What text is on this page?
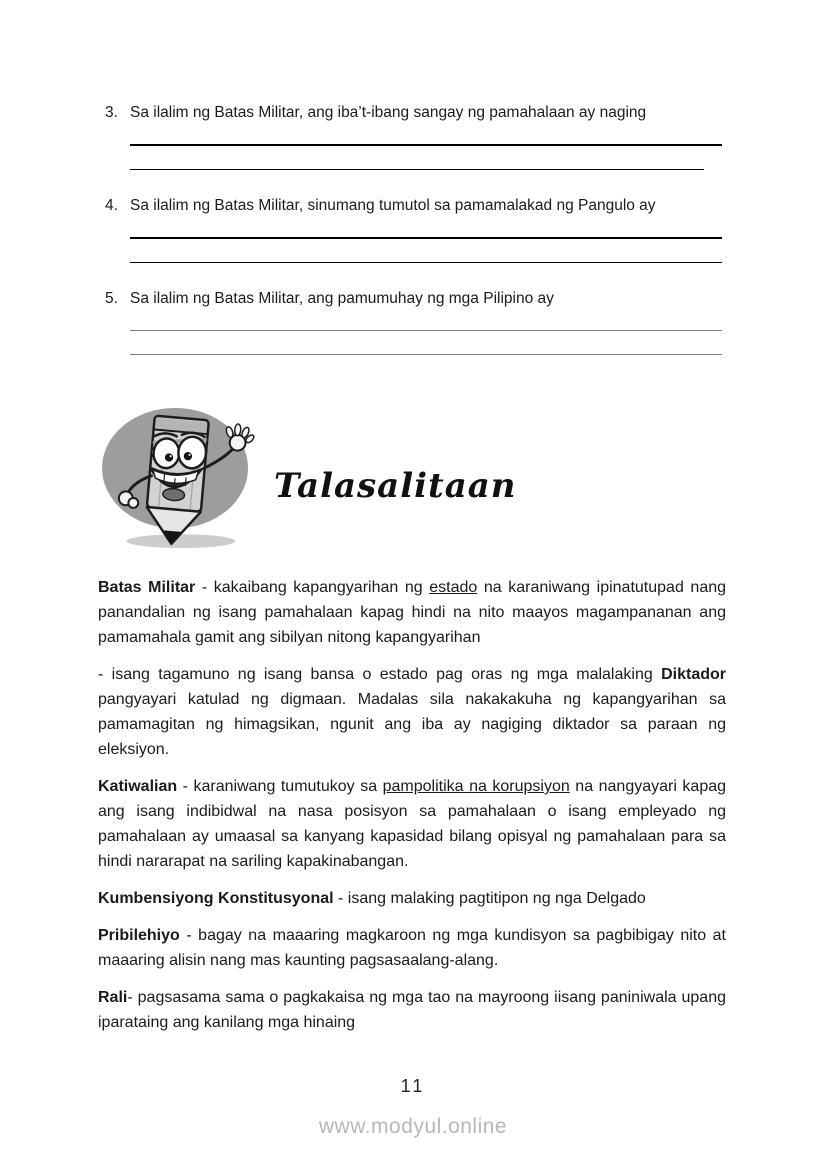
3. Sa ilalim ng Batas Militar, ang iba’t-ibang sangay ng pamahalaan ay naging
4. Sa ilalim ng Batas Militar, sinumang tumutol sa pamamalakad ng Pangulo ay
5. Sa ilalim ng Batas Militar, ang pamumuhay ng mga Pilipino ay
Talasalitaan

Batas Militar - kakaibang kapangyarihan ng estado na karaniwang ipinatutupad nang panandalian ng isang pamahalaan kapag hindi na nito maayos magampananan ang pamamahala gamit ang sibilyan nitong kapangyarihan

- isang tagamuno ng isang bansa o estado pag oras ng mga malalaking Diktador pangyayari katulad ng digmaan. Madalas sila nakakakuha ng kapangyarihan sa pamamagitan ng himagsikan, ngunit ang iba ay nagiging diktador sa paraan ng eleksiyon.

Katiwalian - karaniwang tumutukoy sa pampolitika na korupsiyon na nangyayari kapag ang isang indibidwal na nasa posisyon sa pamahalaan o isang empleyado ng pamahalaan ay umaasal sa kanyang kapasidad bilang opisyal ng pamahalaan para sa hindi nararapat na sariling kapakinabangan.

Kumbensiyong Konstitusyonal - isang malaking pagtitipon ng nga Delgado

Pribilehiyo - bagay na maaaring magkaroon ng mga kundisyon sa pagbibigay nito at maaaring alisin nang mas kaunting pagsasaalang-alang.

Rali- pagsasama sama o pagkakaisa ng mga tao na mayroong iisang paniniwala upang iparataing ang kanilang mga hinaing

11
www.modyul.online
